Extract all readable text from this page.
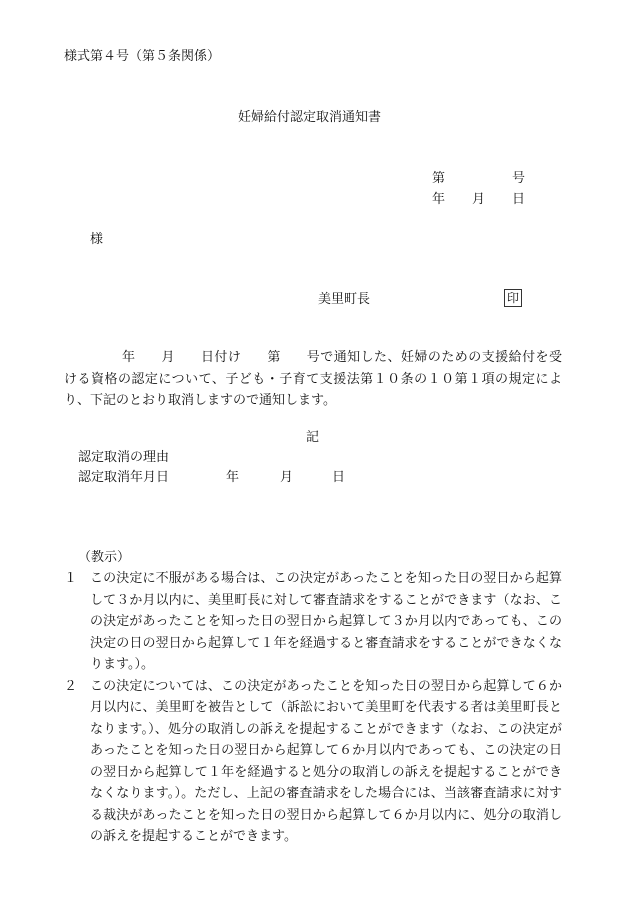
様式第４号（第５条関係）

妊婦給付認定取消通知書

第	号
年 月 日
様
美里町長	印
年 月 日付け 第 号で通知した、妊婦のための支援給付を受ける資格の認定について、子ども・子育て支援法第１０条の１０第１項の規定により、下記のとおり取消しますので通知します。
記
認定取消の理由
認定取消年月日	年	月	日
（教示）
１ この決定に不服がある場合は、この決定があったことを知った日の翌日から起算して３か月以内に、美里町長に対して審査請求をすることができます（なお、この決定があったことを知った日の翌日から起算して３か月以内であっても、この決定の日の翌日から起算して１年を経過すると審査請求をすることができなくなります。）。
２ この決定については、この決定があったことを知った日の翌日から起算して６か月以内に、美里町を被告として（訴訟において美里町を代表する者は美里町長となります。）、処分の取消しの訴えを提起することができます（なお、この決定があったことを知った日の翌日から起算して６か月以内であっても、この決定の日の翌日から起算して１年を経過すると処分の取消しの訴えを提起することができなくなります。）。ただし、上記の審査請求をした場合には、当該審査請求に対する裁決があったことを知った日の翌日から起算して６か月以内に、処分の取消しの訴えを提起することができます。
